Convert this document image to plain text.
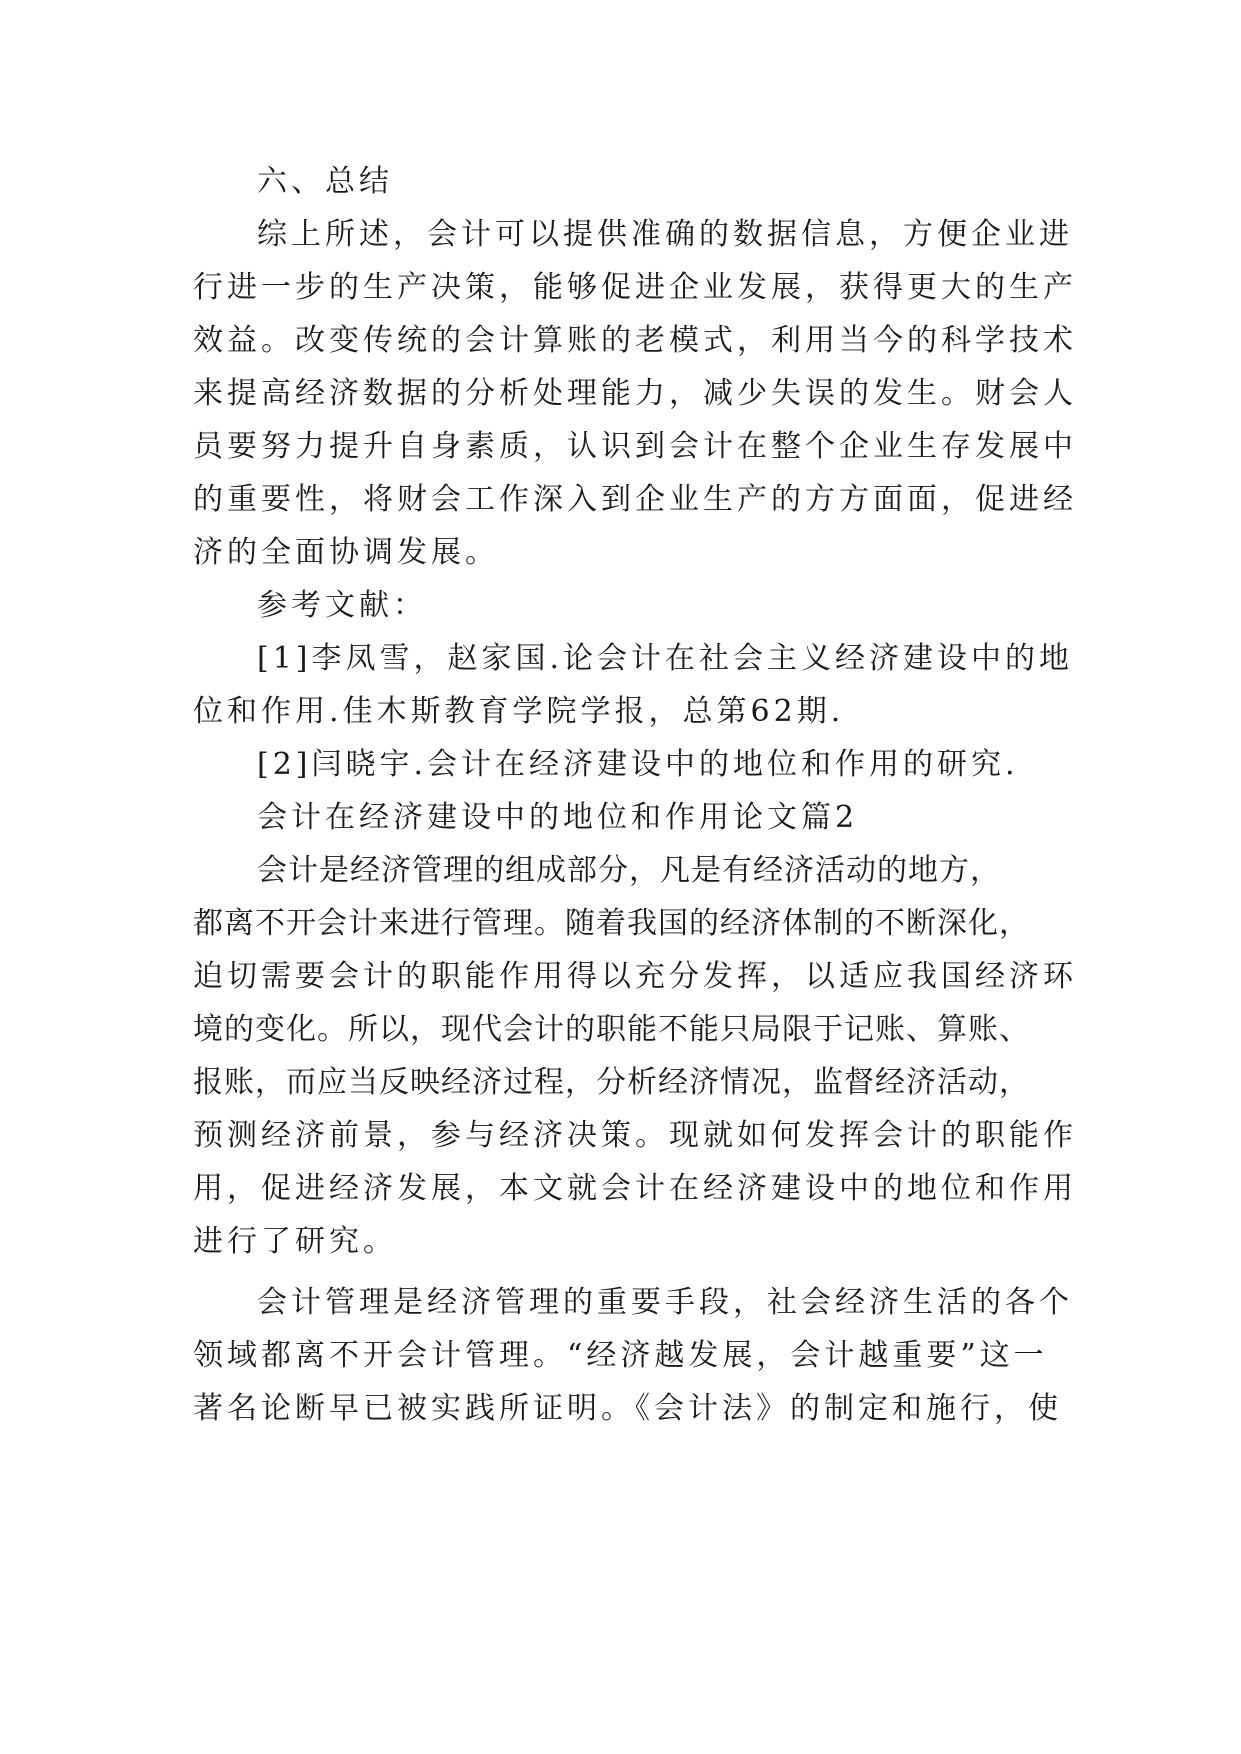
六、总结
综上所述，会计可以提供准确的数据信息，方便企业进
行进一步的生产决策，能够促进企业发展，获得更大的生产
效益。改变传统的会计算账的老模式，利用当今的科学技术
来提高经济数据的分析处理能力，减少失误的发生。财会人
员要努力提升自身素质，认识到会计在整个企业生存发展中
的重要性，将财会工作深入到企业生产的方方面面，促进经
济的全面协调发展。
参考文献：
[1]李凤雪，赵家国.论会计在社会主义经济建设中的地
位和作用.佳木斯教育学院学报，总第62期.
[2]闫晓宇.会计在经济建设中的地位和作用的研究.
会计在经济建设中的地位和作用论文篇2
会计是经济管理的组成部分，凡是有经济活动的地方，
都离不开会计来进行管理。随着我国的经济体制的不断深化，
迫切需要会计的职能作用得以充分发挥，以适应我国经济环
境的变化。所以，现代会计的职能不能只局限于记账、算账、
报账，而应当反映经济过程，分析经济情况，监督经济活动，
预测经济前景，参与经济决策。现就如何发挥会计的职能作
用，促进经济发展，本文就会计在经济建设中的地位和作用
进行了研究。
会计管理是经济管理的重要手段，社会经济生活的各个
领域都离不开会计管理。“经济越发展，会计越重要”这一
著名论断早已被实践所证明。《会计法》的制定和施行，使
